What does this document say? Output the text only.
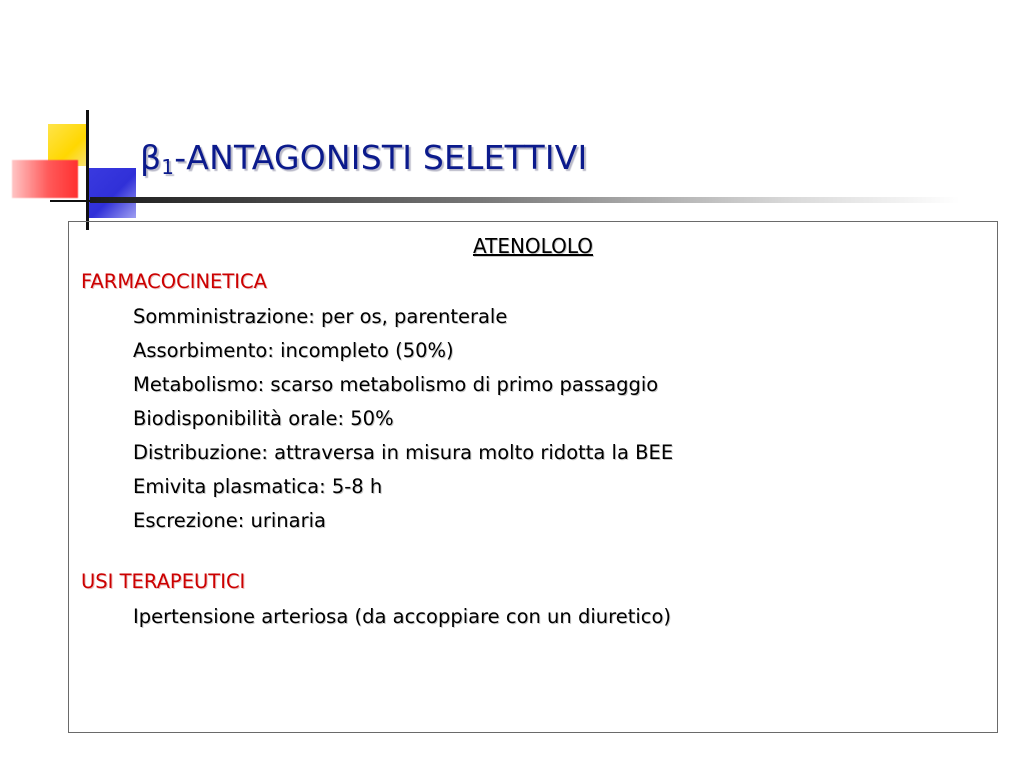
β1-ANTAGONISTI SELETTIVI
ATENOLOLO
FARMACOCINETICA
Somministrazione: per os, parenterale
Assorbimento: incompleto (50%)
Metabolismo: scarso metabolismo di primo passaggio
Biodisponibilità orale: 50%
Distribuzione: attraversa in misura molto ridotta la BEE
Emivita plasmatica: 5-8 h
Escrezione: urinaria
USI TERAPEUTICI
Ipertensione arteriosa (da accoppiare con un diuretico)
